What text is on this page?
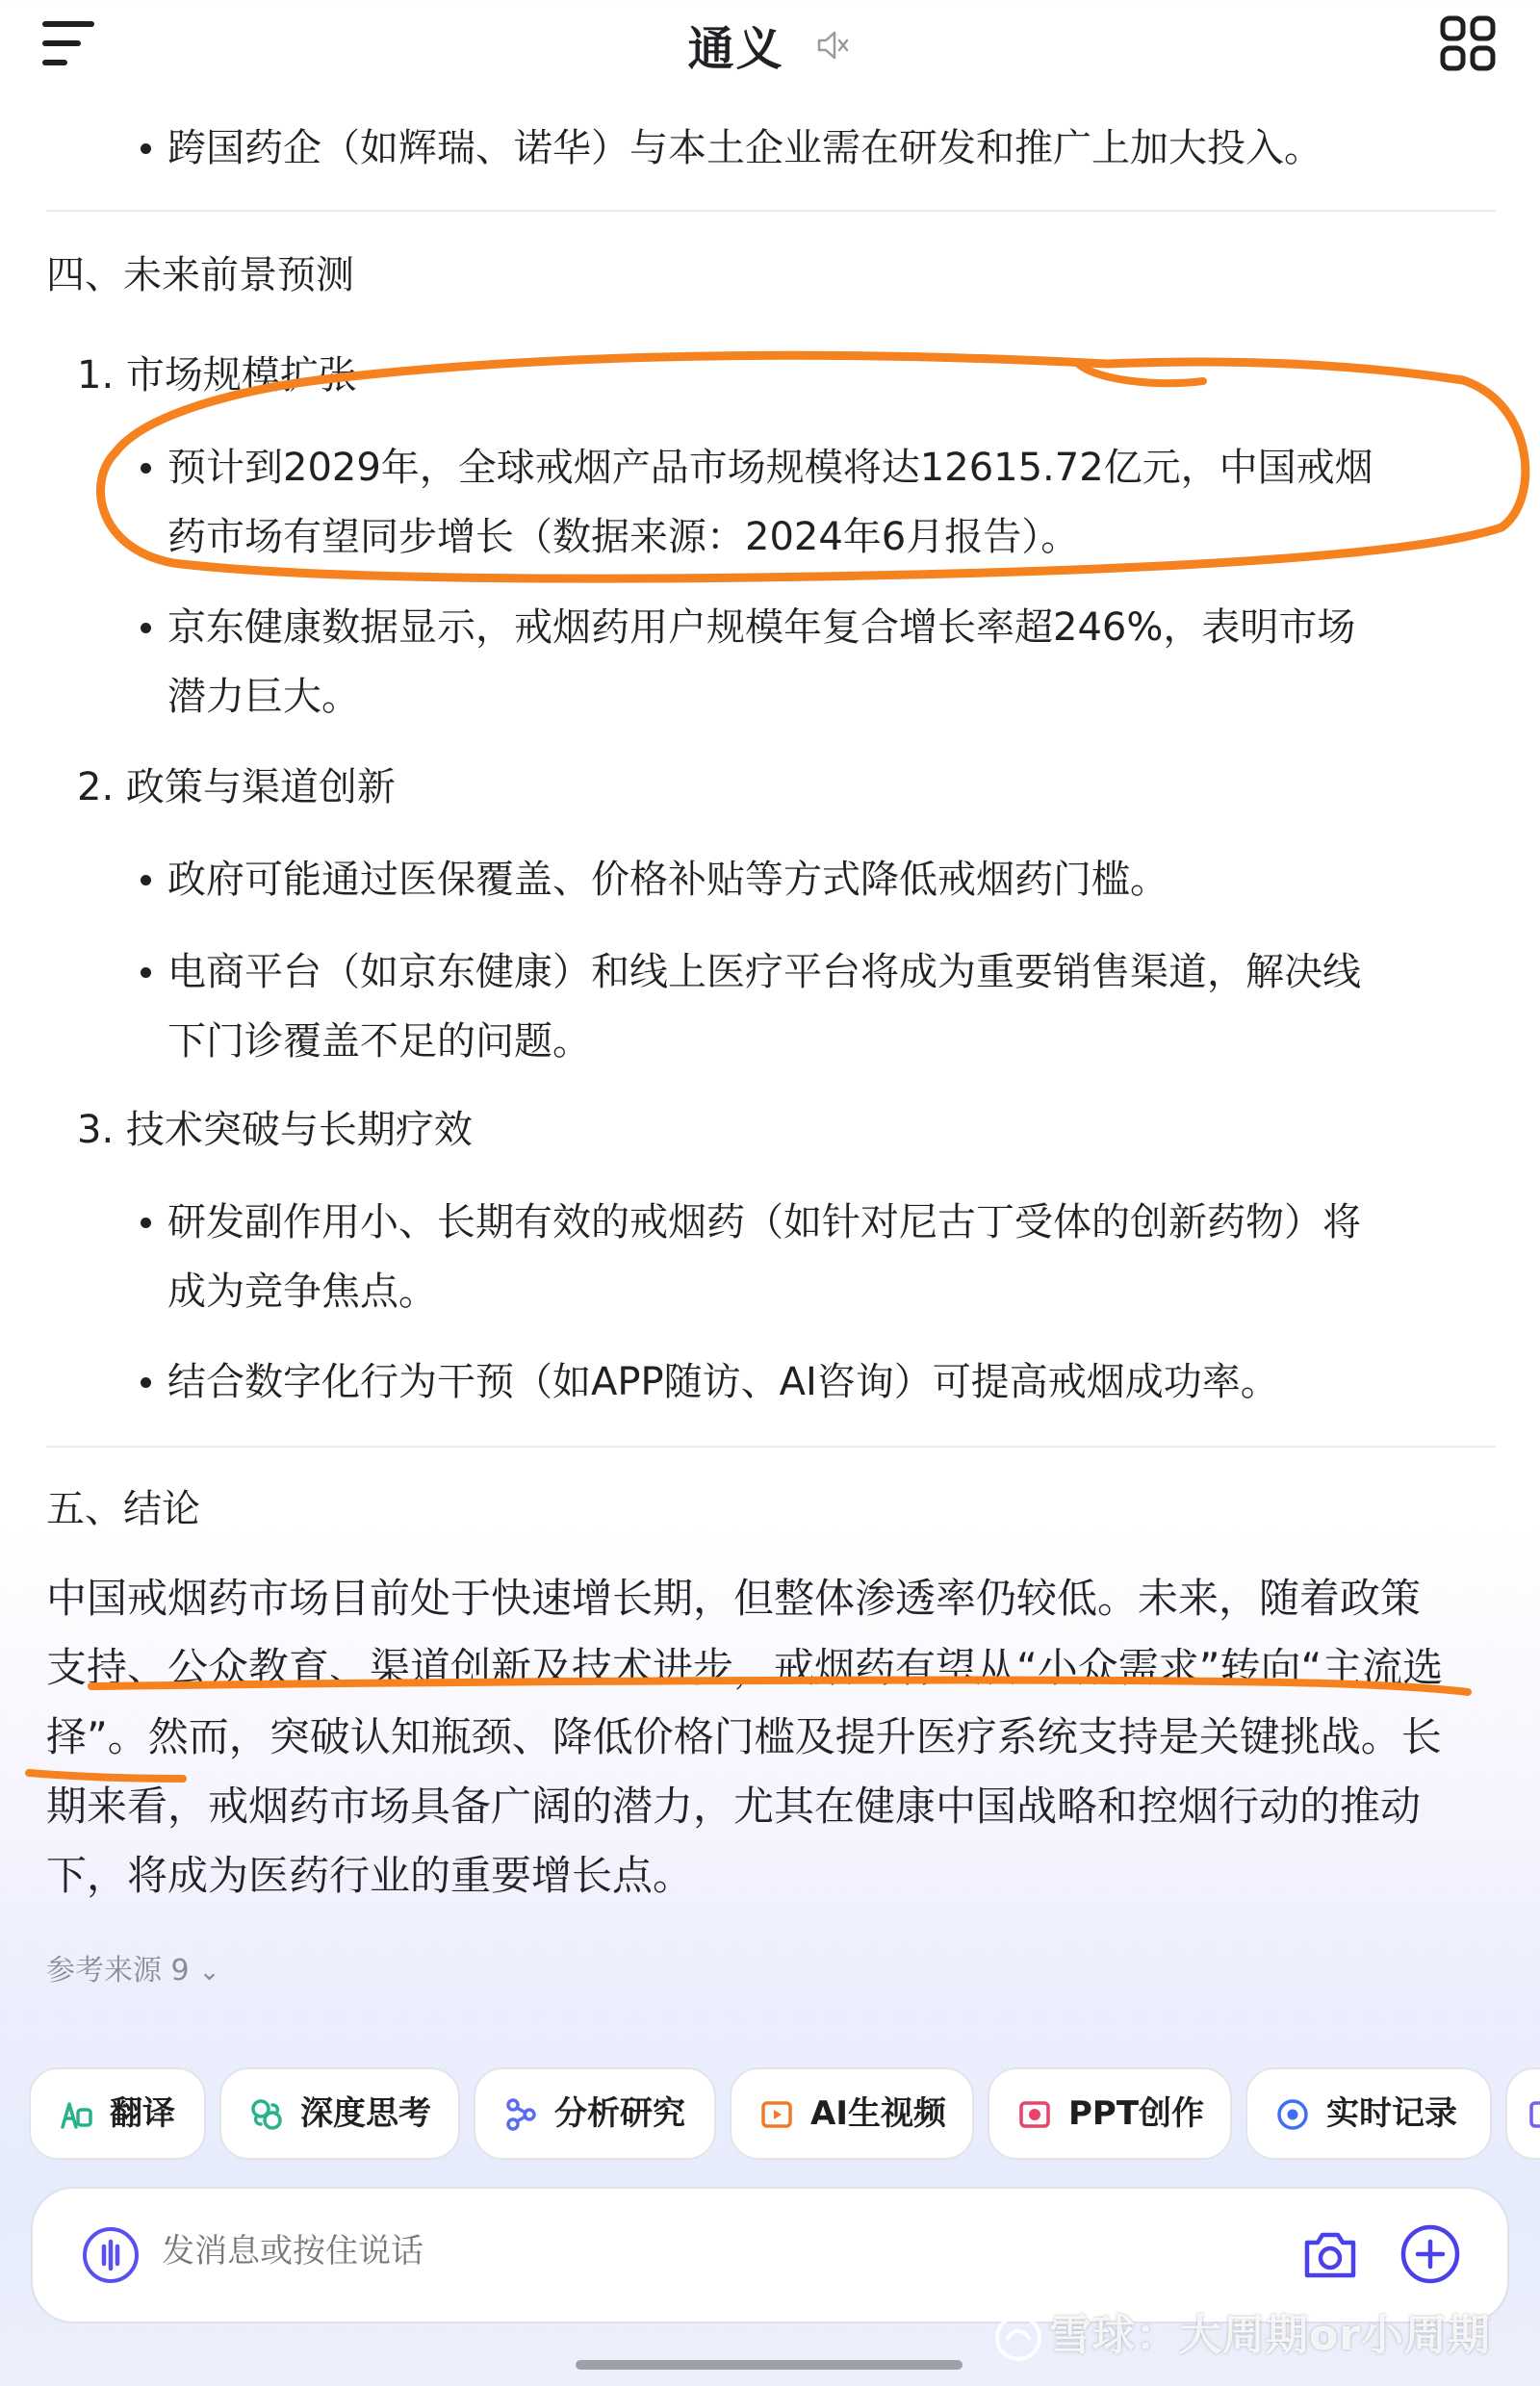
通义
跨国药企（如辉瑞、诺华）与本土企业需在研发和推广上加大投入。
四、未来前景预测
1. 市场规模扩张
预计到2029年，全球戒烟产品市场规模将达12615.72亿元，中国戒烟
药市场有望同步增长（数据来源：2024年6月报告）。
京东健康数据显示，戒烟药用户规模年复合增长率超246%，表明市场
潜力巨大。
2. 政策与渠道创新
政府可能通过医保覆盖、价格补贴等方式降低戒烟药门槛。
电商平台（如京东健康）和线上医疗平台将成为重要销售渠道，解决线
下门诊覆盖不足的问题。
3. 技术突破与长期疗效
研发副作用小、长期有效的戒烟药（如针对尼古丁受体的创新药物）将
成为竞争焦点。
结合数字化行为干预（如APP随访、AI咨询）可提高戒烟成功率。
五、结论
中国戒烟药市场目前处于快速增长期，但整体渗透率仍较低。未来，随着政策
支持、公众教育、渠道创新及技术进步，戒烟药有望从“小众需求”转向“主流选
择”。然而，突破认知瓶颈、降低价格门槛及提升医疗系统支持是关键挑战。长
期来看，戒烟药市场具备广阔的潜力，尤其在健康中国战略和控烟行动的推动
下，将成为医药行业的重要增长点。
参考来源 9 ⌄
翻译	深度思考	分析研究	AI生视频	PPT创作	实时记录
发消息或按住说话
雪球：大周期or小周期
